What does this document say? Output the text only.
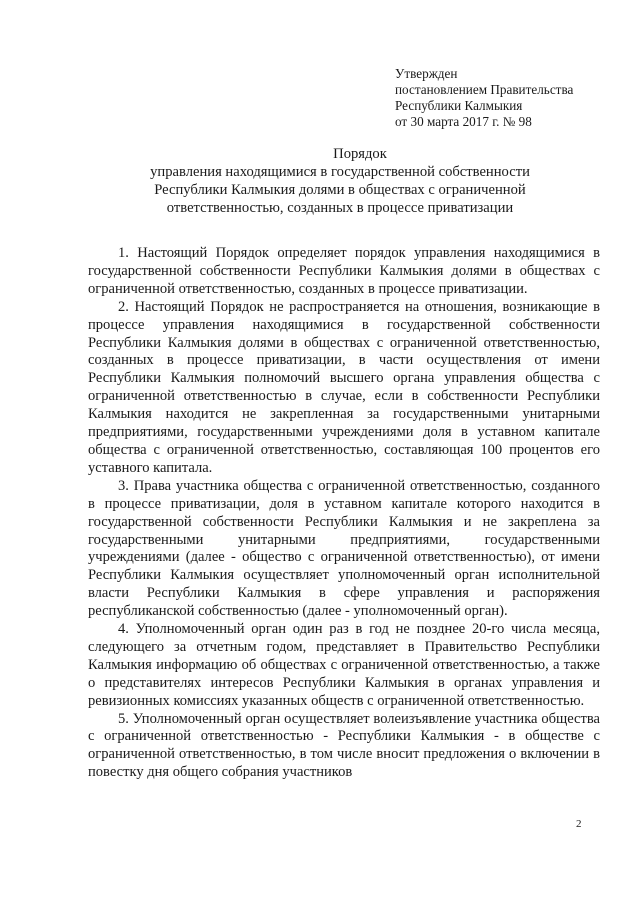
Утвержден
постановлением Правительства
Республики Калмыкия
от 30 марта 2017 г. № 98
Порядок
управления находящимися в государственной собственности
Республики Калмыкия долями в обществах с ограниченной
ответственностью, созданных в процессе приватизации

1. Настоящий Порядок определяет порядок управления находящимися в государственной собственности Республики Калмыкия долями в обществах с ограниченной ответственностью, созданных в процессе приватизации.

2. Настоящий Порядок не распространяется на отношения, возникающие в процессе управления находящимися в государственной собственности Республики Калмыкия долями в обществах с ограниченной ответственностью, созданных в процессе приватизации, в части осуществления от имени Республики Калмыкия полномочий высшего органа управления общества с ограниченной ответственностью в случае, если в собственности Республики Калмыкия находится не закрепленная за государственными унитарными предприятиями, государственными учреждениями доля в уставном капитале общества с ограниченной ответственностью, составляющая 100 процентов его уставного капитала.

3. Права участника общества с ограниченной ответственностью, созданного в процессе приватизации, доля в уставном капитале которого находится в государственной собственности Республики Калмыкия и не закреплена за государственными унитарными предприятиями, государственными учреждениями (далее - общество с ограниченной ответственностью), от имени Республики Калмыкия осуществляет уполномоченный орган исполнительной власти Республики Калмыкия в сфере управления и распоряжения республиканской собственностью (далее - уполномоченный орган).

4. Уполномоченный орган один раз в год не позднее 20-го числа месяца, следующего за отчетным годом, представляет в Правительство Республики Калмыкия информацию об обществах с ограниченной ответственностью, а также о представителях интересов Республики Калмыкия в органах управления и ревизионных комиссиях указанных обществ с ограниченной ответственностью.

5. Уполномоченный орган осуществляет волеизъявление участника общества с ограниченной ответственностью - Республики Калмыкия - в обществе с ограниченной ответственностью, в том числе вносит предложения о включении в повестку дня общего собрания участников

2
